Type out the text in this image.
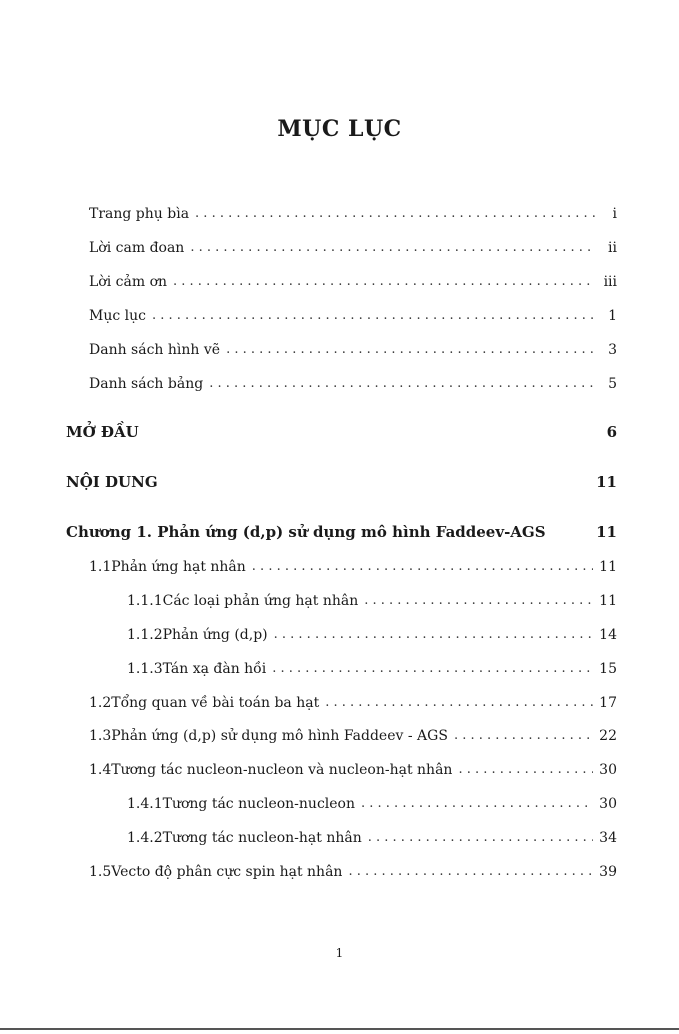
MỤC LỤC
Trang phụ bìa . . .	i
Lời cam đoan . . .	ii
Lời cảm ơn . . .	iii
Mục lục . . .	1
Danh sách hình vẽ . . .	3
Danh sách bảng . . .	5
MỞ ĐẦU	6
NỘI DUNG	11
Chương 1. Phản ứng (d,p) sử dụng mô hình Faddeev-AGS	11
1.1 Phản ứng hạt nhân . . .	11
1.1.1 Các loại phản ứng hạt nhân . . .	11
1.1.2 Phản ứng (d,p) . . .	14
1.1.3 Tán xạ đàn hồi . . .	15
1.2 Tổng quan về bài toán ba hạt . . .	17
1.3 Phản ứng (d,p) sử dụng mô hình Faddeev - AGS . . .	22
1.4 Tương tác nucleon-nucleon và nucleon-hạt nhân . . .	30
1.4.1 Tương tác nucleon-nucleon . . .	30
1.4.2 Tương tác nucleon-hạt nhân . . .	34
1.5 Vecto độ phân cực spin hạt nhân . . .	39
1
